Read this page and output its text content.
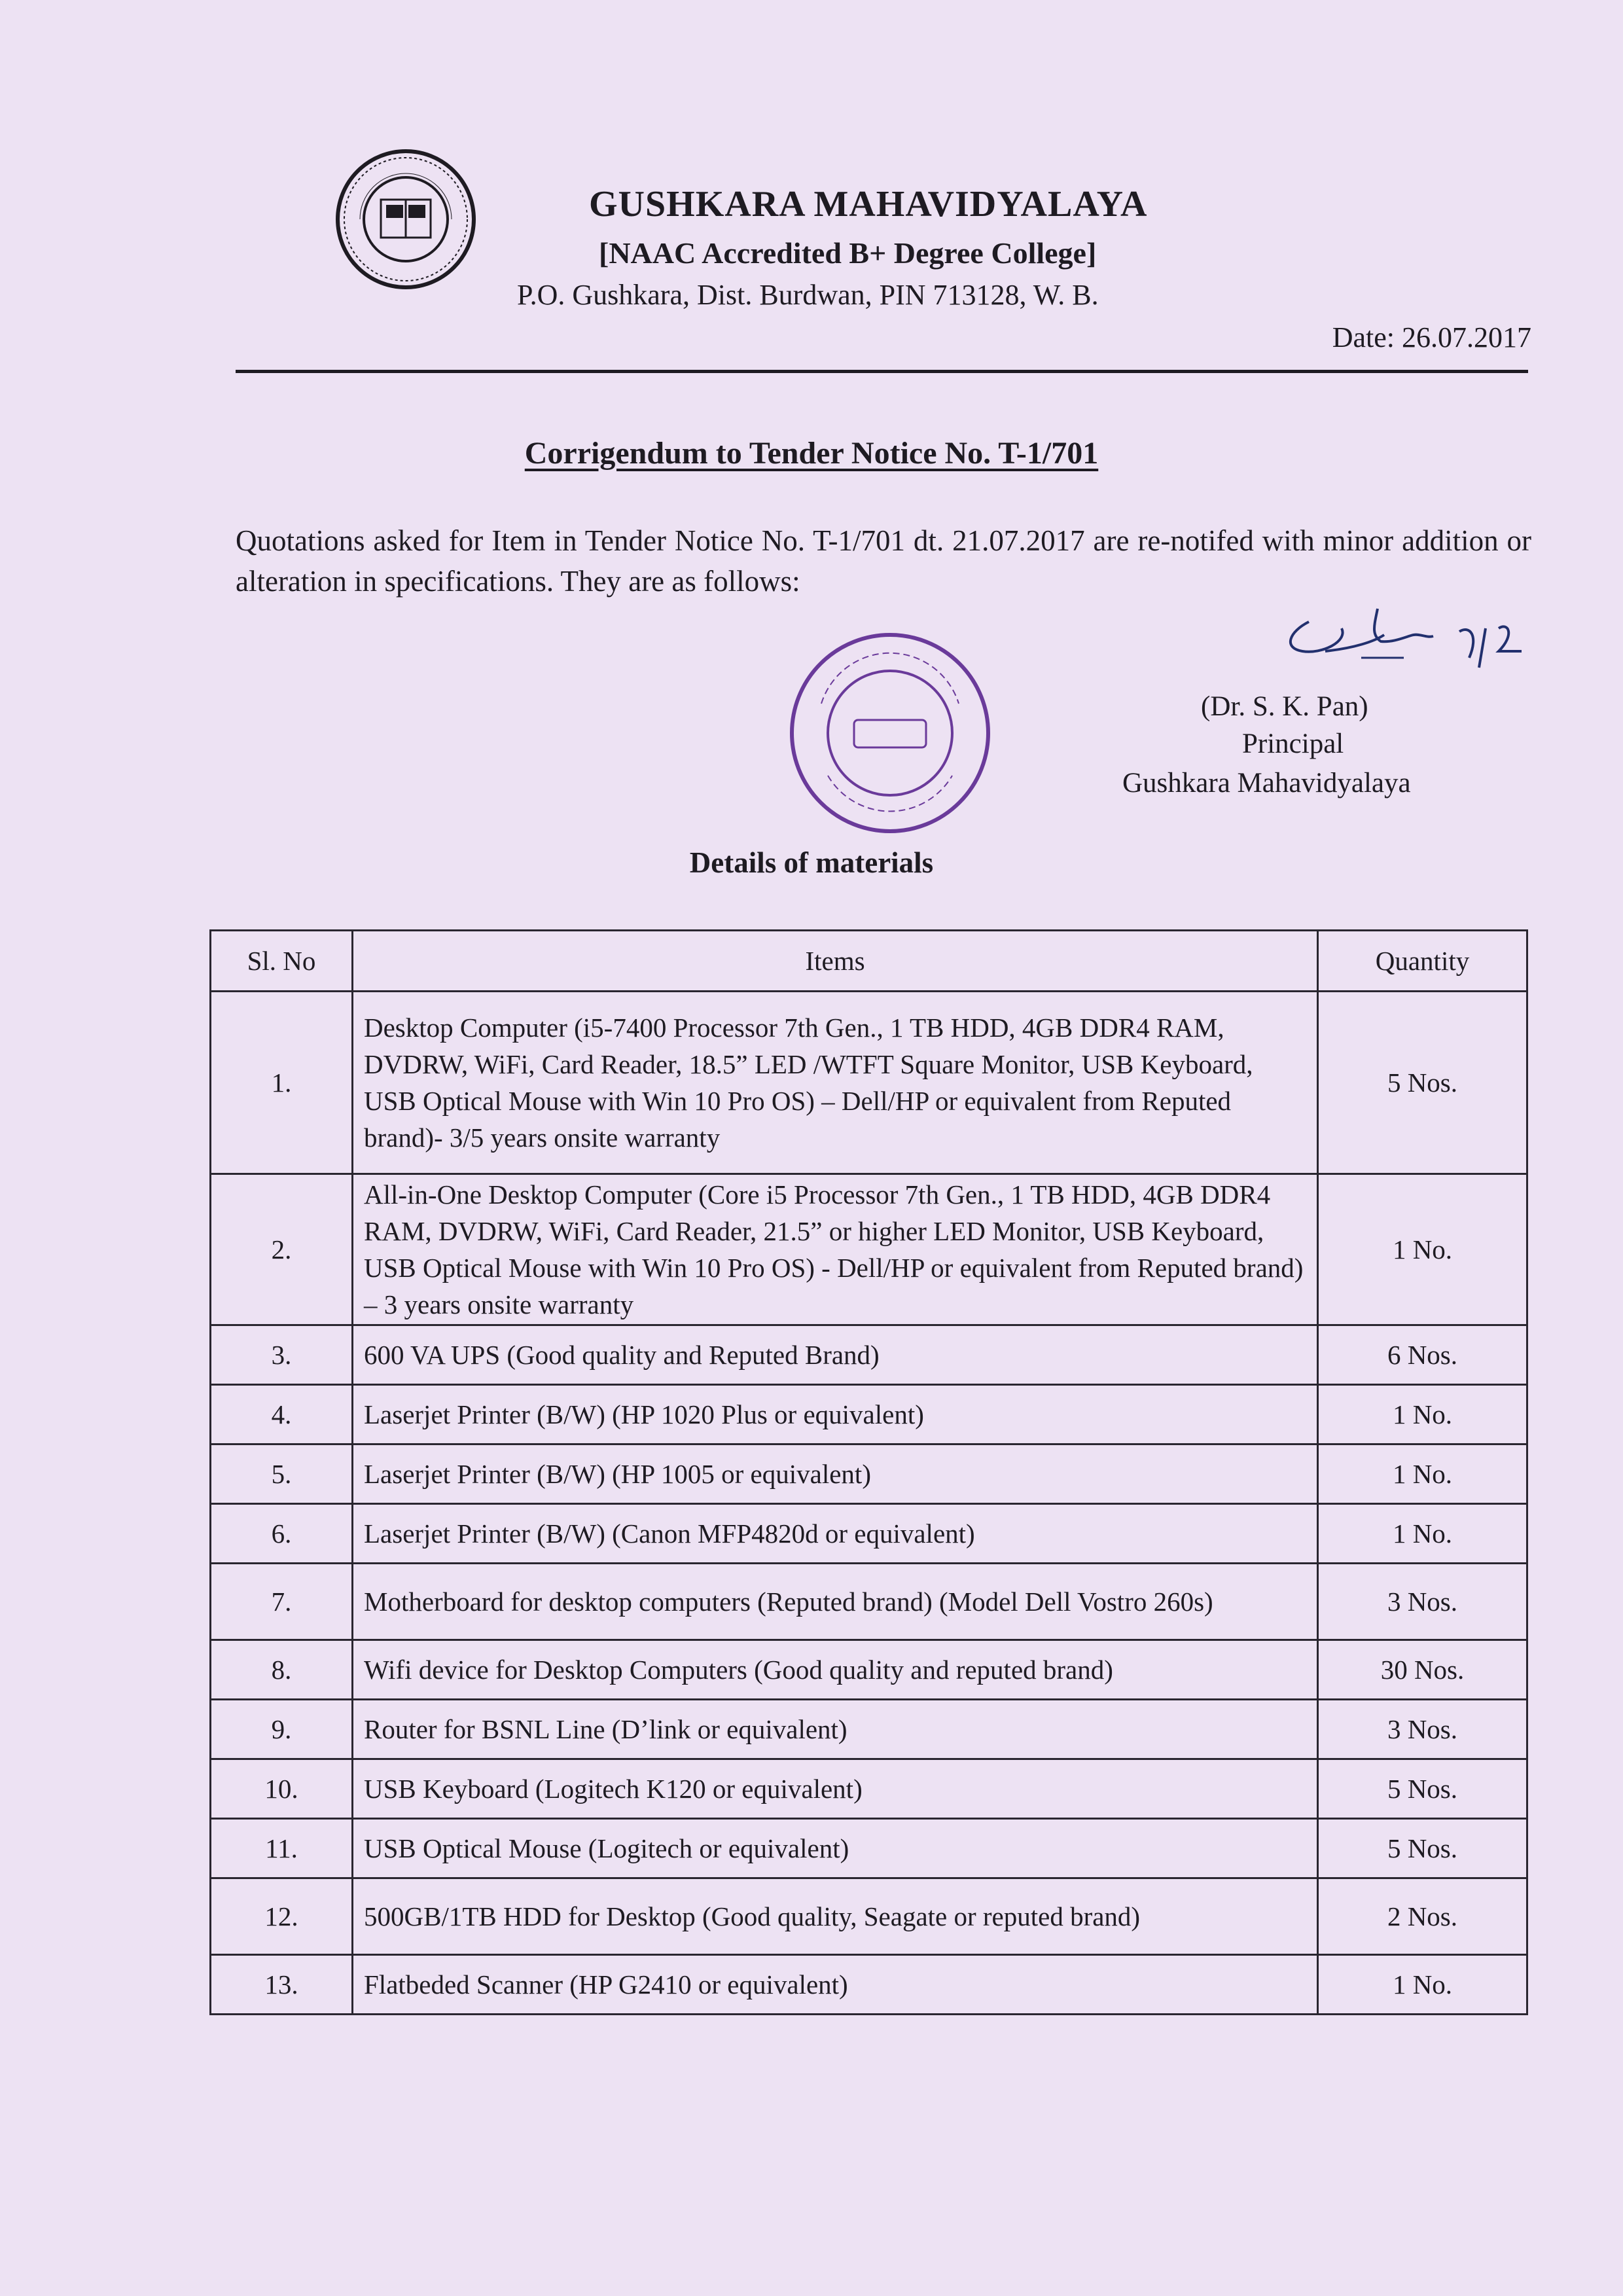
GUSHKARA MAHAVIDYALAYA
[NAAC Accredited B+ Degree College]
P.O. Gushkara, Dist. Burdwan, PIN 713128, W. B.
Date: 26.07.2017
Corrigendum to Tender Notice No. T-1/701
Quotations asked for Item in Tender Notice No. T-1/701 dt. 21.07.2017 are re-notifed with minor addition or alteration in specifications. They are as follows:
(Dr. S. K. Pan)
Principal
Gushkara Mahavidyalaya
Details of materials
Sl. No	Items	Quantity
1.	Desktop Computer (i5-7400 Processor 7th Gen., 1 TB HDD, 4GB DDR4 RAM, DVDRW, WiFi, Card Reader, 18.5” LED /WTFT Square Monitor, USB Keyboard, USB Optical Mouse with Win 10 Pro OS) – Dell/HP or equivalent from Reputed brand)- 3/5 years onsite warranty	5 Nos.
2.	All-in-One Desktop Computer (Core i5 Processor 7th Gen., 1 TB HDD, 4GB DDR4 RAM, DVDRW, WiFi, Card Reader, 21.5” or higher LED Monitor, USB Keyboard, USB Optical Mouse with Win 10 Pro OS) - Dell/HP or equivalent from Reputed brand) – 3 years onsite warranty	1 No.
3.	600 VA UPS (Good quality and Reputed Brand)	6 Nos.
4.	Laserjet Printer (B/W) (HP 1020 Plus or equivalent)	1 No.
5.	Laserjet Printer (B/W) (HP 1005 or equivalent)	1 No.
6.	Laserjet Printer (B/W) (Canon MFP4820d or equivalent)	1 No.
7.	Motherboard for desktop computers (Reputed brand) (Model Dell Vostro 260s)	3 Nos.
8.	Wifi device for Desktop Computers (Good quality and reputed brand)	30 Nos.
9.	Router for BSNL Line (D’link or equivalent)	3 Nos.
10.	USB Keyboard (Logitech K120 or equivalent)	5 Nos.
11.	USB Optical Mouse (Logitech or equivalent)	5 Nos.
12.	500GB/1TB HDD for Desktop (Good quality, Seagate or reputed brand)	2 Nos.
13.	Flatbeded Scanner (HP G2410 or equivalent)	1 No.
